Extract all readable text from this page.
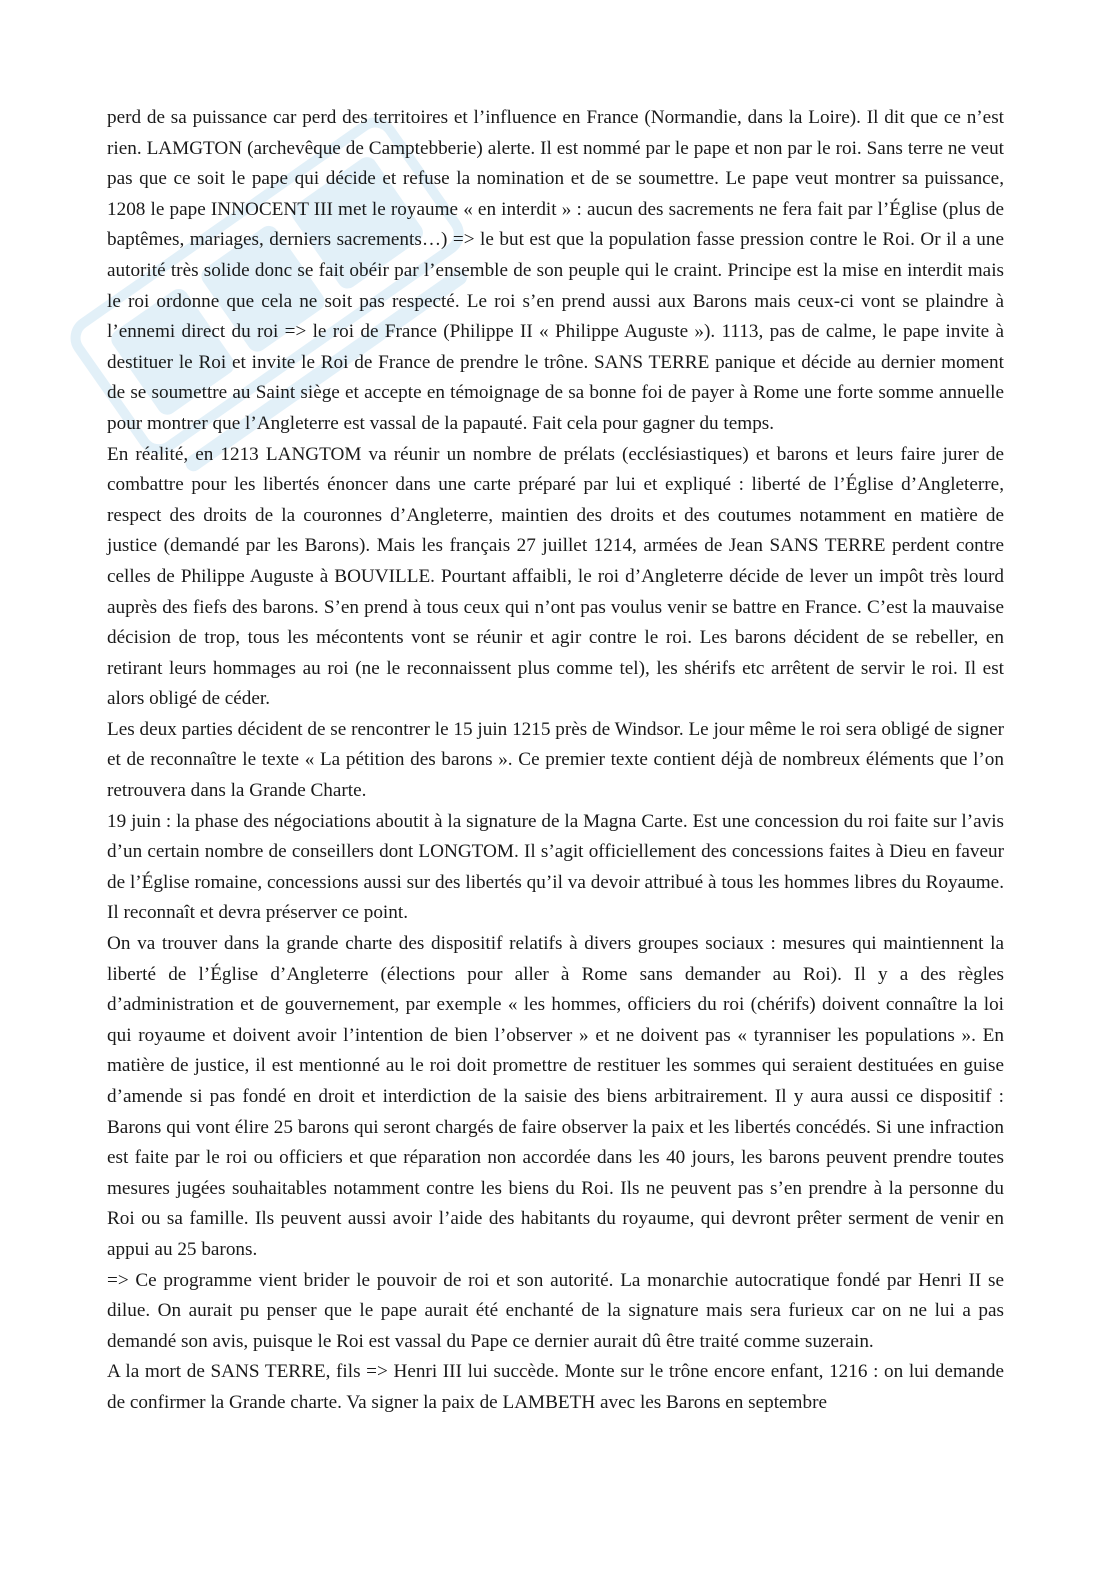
perd de sa puissance car perd des territoires et l’influence en France (Normandie, dans la Loire). Il dit que ce n’est rien. LAMGTON (archevêque de Camptebberie) alerte. Il est nommé par le pape et non par le roi. Sans terre ne veut pas que ce soit le pape qui décide et refuse la nomination et de se soumettre. Le pape veut montrer sa puissance, 1208 le pape INNOCENT III met le royaume « en interdit » : aucun des sacrements ne fera fait par l’Église (plus de baptêmes, mariages, derniers sacrements…) => le but est que la population fasse pression contre le Roi. Or il a une autorité très solide donc se fait obéir par l’ensemble de son peuple qui le craint. Principe est la mise en interdit mais le roi ordonne que cela ne soit pas respecté. Le roi s’en prend aussi aux Barons mais ceux-ci vont se plaindre à l’ennemi direct du roi => le roi de France (Philippe II « Philippe Auguste »). 1113, pas de calme, le pape invite à destituer le Roi et invite le Roi de France de prendre le trône. SANS TERRE panique et décide au dernier moment de se soumettre au Saint siège et accepte en témoignage de sa bonne foi de payer à Rome une forte somme annuelle pour montrer que l’Angleterre est vassal de la papauté. Fait cela pour gagner du temps.

En réalité, en 1213 LANGTOM va réunir un nombre de prélats (ecclésiastiques) et barons et leurs faire jurer de combattre pour les libertés énoncer dans une carte préparé par lui et expliqué : liberté de l’Église d’Angleterre, respect des droits de la couronnes d’Angleterre, maintien des droits et des coutumes notamment en matière de justice (demandé par les Barons). Mais les français 27 juillet 1214, armées de Jean SANS TERRE perdent contre celles de Philippe Auguste à BOUVILLE. Pourtant affaibli, le roi d’Angleterre décide de lever un impôt très lourd auprès des fiefs des barons. S’en prend à tous ceux qui n’ont pas voulus venir se battre en France. C’est la mauvaise décision de trop, tous les mécontents vont se réunir et agir contre le roi. Les barons décident de se rebeller, en retirant leurs hommages au roi (ne le reconnaissent plus comme tel), les shérifs etc arrêtent de servir le roi. Il est alors obligé de céder.

Les deux parties décident de se rencontrer le 15 juin 1215 près de Windsor. Le jour même le roi sera obligé de signer et de reconnaître le texte « La pétition des barons ». Ce premier texte contient déjà de nombreux éléments que l’on retrouvera dans la Grande Charte.

19 juin : la phase des négociations aboutit à la signature de la Magna Carte. Est une concession du roi faite sur l’avis d’un certain nombre de conseillers dont LONGTOM. Il s’agit officiellement des concessions faites à Dieu en faveur de l’Église romaine, concessions aussi sur des libertés qu’il va devoir attribué à tous les hommes libres du Royaume. Il reconnaît et devra préserver ce point.

On va trouver dans la grande charte des dispositif relatifs à divers groupes sociaux : mesures qui maintiennent la liberté de l’Église d’Angleterre (élections pour aller à Rome sans demander au Roi). Il y a des règles d’administration et de gouvernement, par exemple « les hommes, officiers du roi (chérifs) doivent connaître la loi qui royaume et doivent avoir l’intention de bien l’observer » et ne doivent pas « tyranniser les populations ». En matière de justice, il est mentionné au le roi doit promettre de restituer les sommes qui seraient destituées en guise d’amende si pas fondé en droit et interdiction de la saisie des biens arbitrairement. Il y aura aussi ce dispositif : Barons qui vont élire 25 barons qui seront chargés de faire observer la paix et les libertés concédés. Si une infraction est faite par le roi ou officiers et que réparation non accordée dans les 40 jours, les barons peuvent prendre toutes mesures jugées souhaitables notamment contre les biens du Roi. Ils ne peuvent pas s’en prendre à la personne du Roi ou sa famille. Ils peuvent aussi avoir l’aide des habitants du royaume, qui devront prêter serment de venir en appui au 25 barons.

=> Ce programme vient brider le pouvoir de roi et son autorité. La monarchie autocratique fondé par Henri II se dilue. On aurait pu penser que le pape aurait été enchanté de la signature mais sera furieux car on ne lui a pas demandé son avis, puisque le Roi est vassal du Pape ce dernier aurait dû être traité comme suzerain.

A la mort de SANS TERRE, fils => Henri III lui succède. Monte sur le trône encore enfant, 1216 : on lui demande de confirmer la Grande charte. Va signer la paix de LAMBETH avec les Barons en septembre
